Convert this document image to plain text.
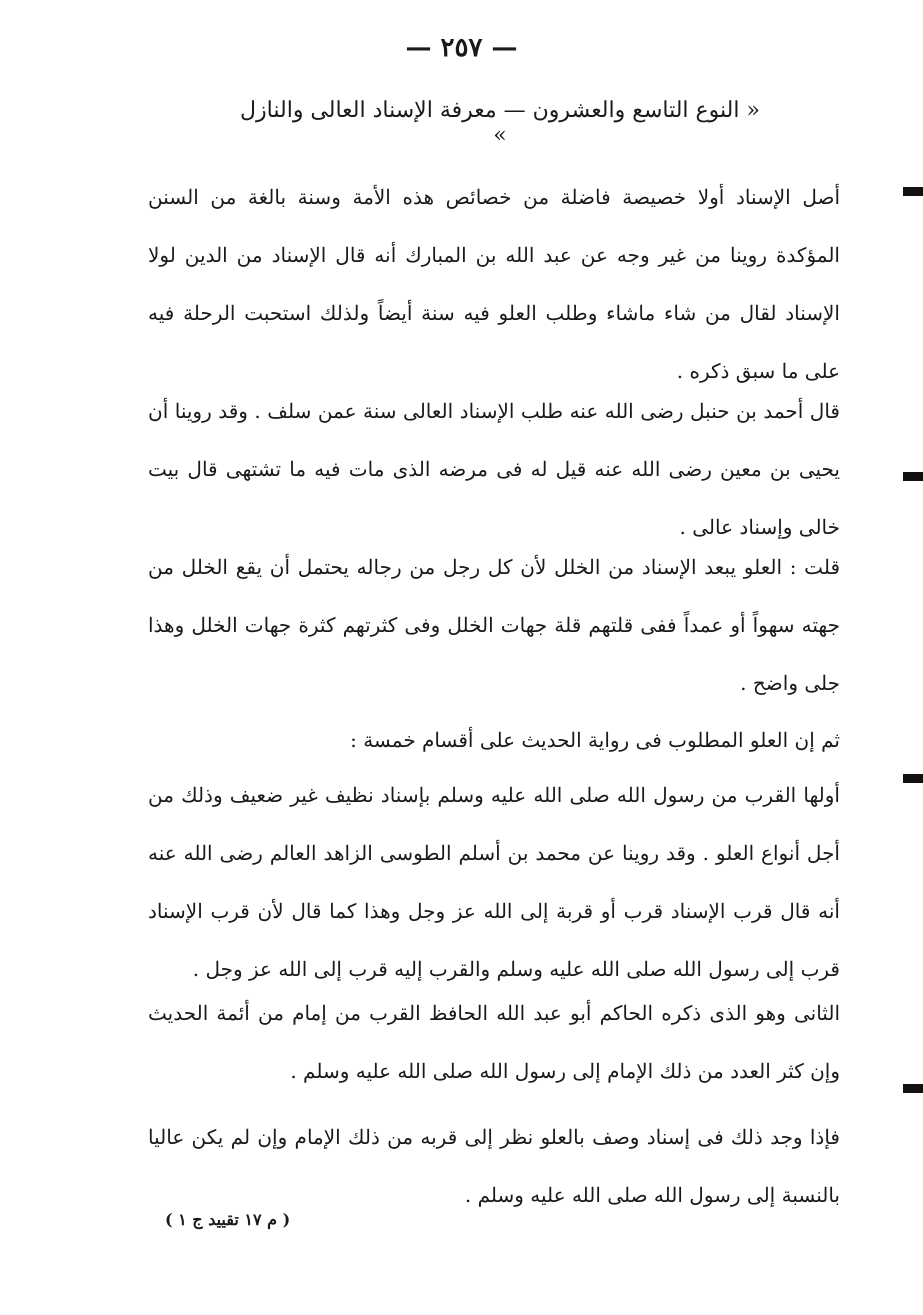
— ٢٥٧ —
« النوع التاسع والعشرون — معرفة الإسناد العالى والنازل »

أصل الإسناد أولا خصيصة فاضلة من خصائص هذه الأمة وسنة بالغة من السنن المؤكدة روينا من غير وجه عن عبد الله بن المبارك أنه قال الإسناد من الدين لولا الإسناد لقال من شاء ماشاء وطلب العلو فيه سنة أيضاً ولذلك استحبت الرحلة فيه على ما سبق ذكره .

قال أحمد بن حنبل رضى الله عنه طلب الإسناد العالى سنة عمن سلف . وقد روينا أن يحيى بن معين رضى الله عنه قيل له فى مرضه الذى مات فيه ما تشتهى قال بيت خالى وإسناد عالى .

قلت : العلو يبعد الإسناد من الخلل لأن كل رجل من رجاله يحتمل أن يقع الخلل من جهته سهواً أو عمداً ففى قلتهم قلة جهات الخلل وفى كثرتهم كثرة جهات الخلل وهذا جلى واضح .

ثم إن العلو المطلوب فى رواية الحديث على أقسام خمسة :

أولها القرب من رسول الله صلى الله عليه وسلم بإسناد نظيف غير ضعيف وذلك من أجل أنواع العلو . وقد روينا عن محمد بن أسلم الطوسى الزاهد العالم رضى الله عنه أنه قال قرب الإسناد قرب أو قربة إلى الله عز وجل وهذا كما قال لأن قرب الإسناد قرب إلى رسول الله صلى الله عليه وسلم والقرب إليه قرب إلى الله عز وجل .

الثانى وهو الذى ذكره الحاكم أبو عبد الله الحافظ القرب من إمام من أئمة الحديث وإن كثر العدد من ذلك الإمام إلى رسول الله صلى الله عليه وسلم .

فإذا وجد ذلك فى إسناد وصف بالعلو نظر إلى قربه من ذلك الإمام وإن لم يكن عاليا بالنسبة إلى رسول الله صلى الله عليه وسلم .

( م ١٧ تقييد ج ١ )
